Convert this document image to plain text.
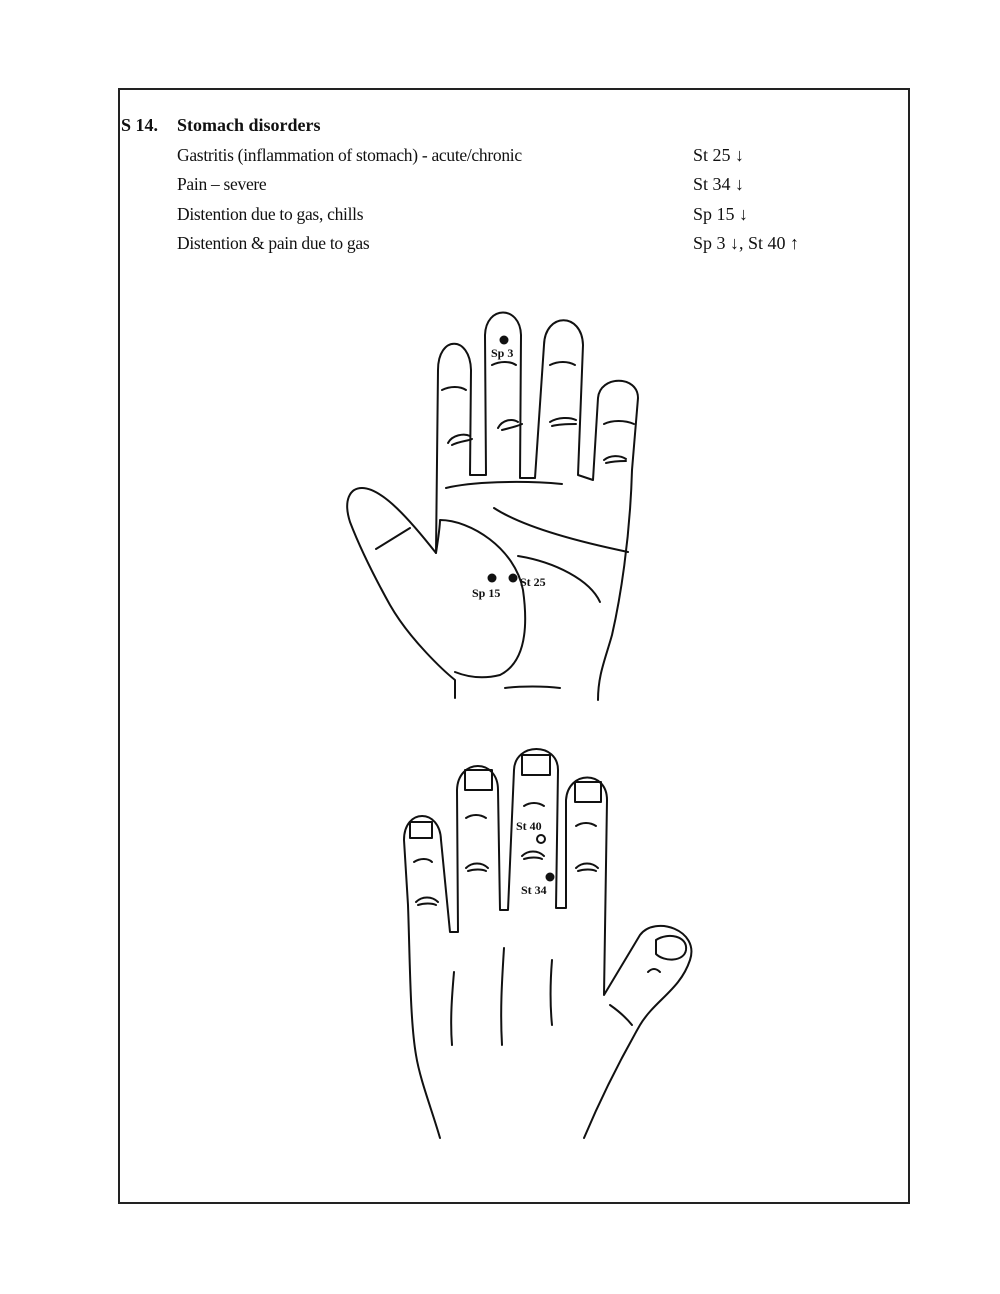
S 14. Stomach disorders
Gastritis (inflammation of stomach) - acute/chronic	St 25 ↓
Pain – severe	St 34 ↓
Distention due to gas, chills	Sp 15 ↓
Distention & pain due to gas	Sp 3 ↓, St 40 ↑
Sp 3
Sp 15
St 25
St 40
St 34
